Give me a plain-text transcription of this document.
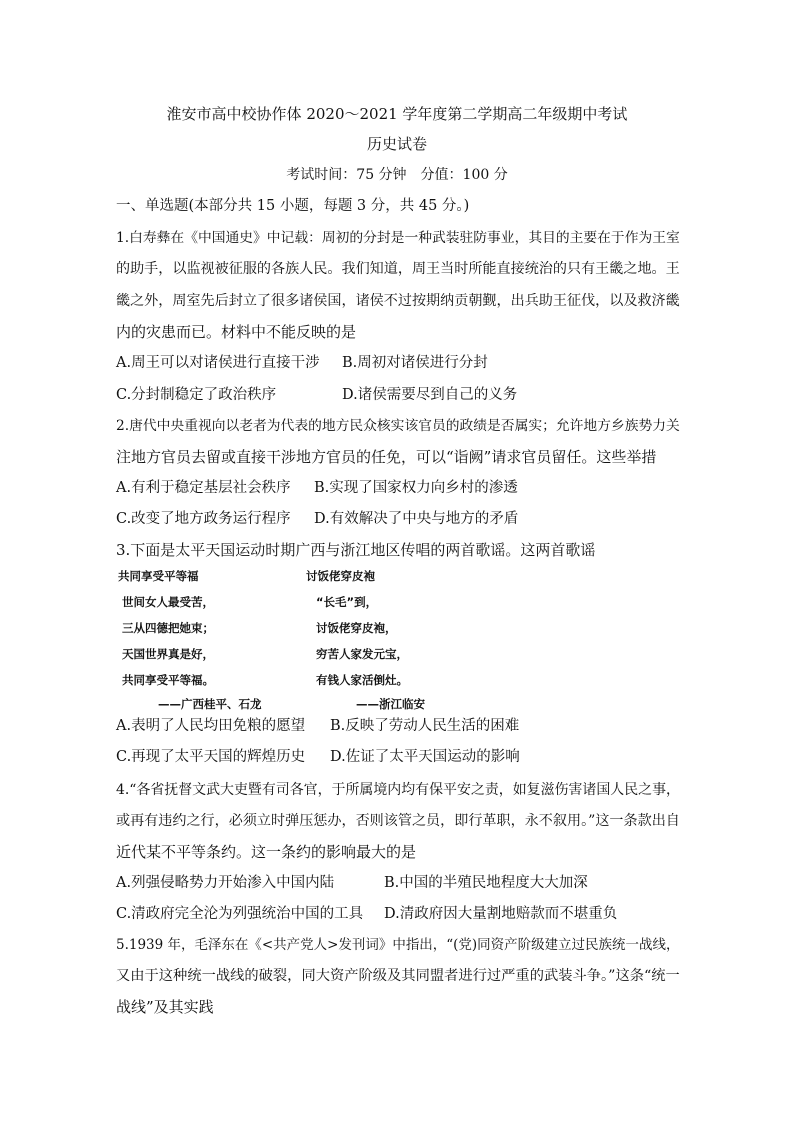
淮安市高中校协作体 2020～2021 学年度第二学期高二年级期中考试
历史试卷
考试时间：75 分钟　分值：100 分
一、单选题(本部分共 15 小题，每题 3 分，共 45 分。)
1.白寿彝在《中国通史》中记载：周初的分封是一种武装驻防事业，其目的主要在于作为王室
的助手，以监视被征服的各族人民。我们知道，周王当时所能直接统治的只有王畿之地。王
畿之外，周室先后封立了很多诸侯国，诸侯不过按期纳贡朝觐，出兵助王征伐，以及救济畿
内的灾患而已。材料中不能反映的是
A.周王可以对诸侯进行直接干涉 B.周初对诸侯进行分封
C.分封制稳定了政治秩序	D.诸侯需要尽到自己的义务
2.唐代中央重视向以老者为代表的地方民众核实该官员的政绩是否属实；允许地方乡族势力关
注地方官员去留或直接干涉地方官员的任免，可以“诣阙”请求官员留任。这些举措
A.有利于稳定基层社会秩序 B.实现了国家权力向乡村的渗透
C.改变了地方政务运行程序 D.有效解决了中央与地方的矛盾
3.下面是太平天国运动时期广西与浙江地区传唱的两首歌谣。这两首歌谣
共同享受平等福
世间女人最受苦，
三从四德把她束；
天国世界真是好，
共同享受平等福。
——广西桂平、石龙
讨饭佬穿皮袍
“长毛”到，
讨饭佬穿皮袍，
穷苦人家发元宝，
有钱人家活倒灶。
——浙江临安
A.表明了人民均田免粮的愿望 B.反映了劳动人民生活的困难
C.再现了太平天国的辉煌历史 D.佐证了太平天国运动的影响
4.“各省抚督文武大吏暨有司各官，于所属境内均有保平安之责，如复滋伤害诸国人民之事，
或再有违约之行，必须立时弹压惩办，否则该管之员，即行革职，永不叙用。”这一条款出自
近代某不平等条约。这一条约的影响最大的是
A.列强侵略势力开始渗入中国内陆	B.中国的半殖民地程度大大加深
C.清政府完全沦为列强统治中国的工具 D.清政府因大量割地赔款而不堪重负
5.1939 年，毛泽东在《<共产党人>发刊词》中指出，“(党)同资产阶级建立过民族统一战线，
又由于这种统一战线的破裂，同大资产阶级及其同盟者进行过严重的武装斗争。”这条“统一
战线”及其实践
